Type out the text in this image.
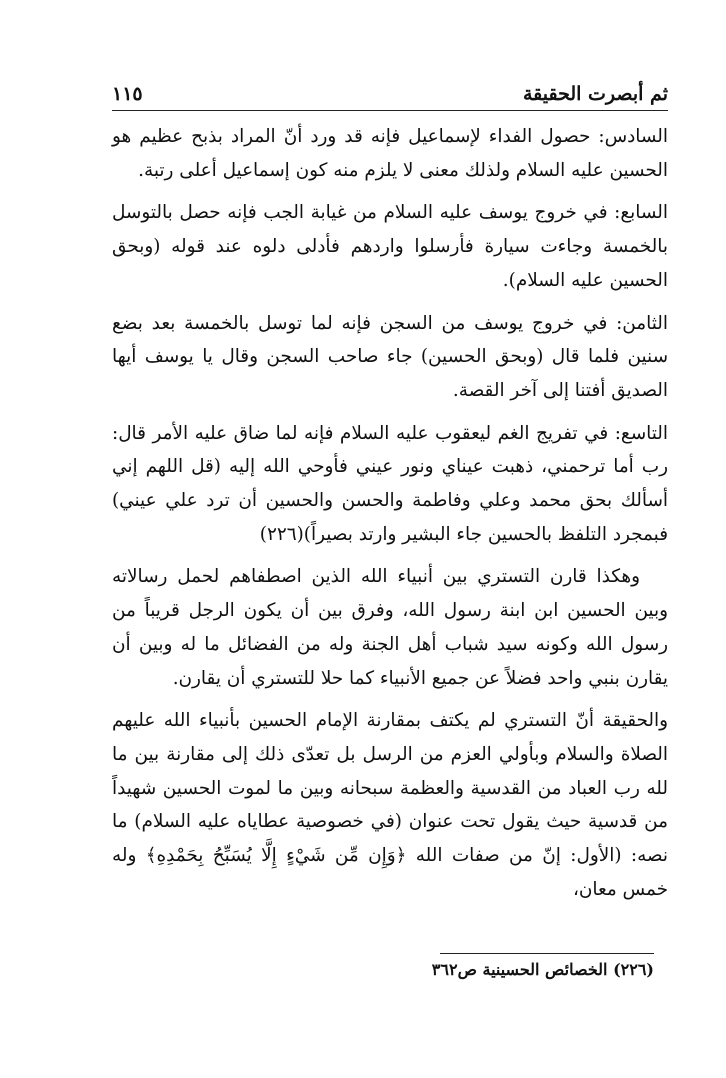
١١٥	ثم أبصرت الحقيقة

السادس: حصول الفداء لإسماعيل فإنه قد ورد أنّ المراد بذبح عظيم هو الحسين عليه السلام ولذلك معنى لا يلزم منه كون إسماعيل أعلى رتبة.

السابع: في خروج يوسف عليه السلام من غيابة الجب فإنه حصل بالتوسل بالخمسة وجاءت سيارة فأرسلوا واردهم فأدلى دلوه عند قوله (وبحق الحسين عليه السلام).

الثامن: في خروج يوسف من السجن فإنه لما توسل بالخمسة بعد بضع سنين فلما قال (وبحق الحسين) جاء صاحب السجن وقال يا يوسف أيها الصديق أفتنا إلى آخر القصة.

التاسع: في تفريج الغم ليعقوب عليه السلام فإنه لما ضاق عليه الأمر قال: رب أما ترحمني، ذهبت عيناي ونور عيني فأوحي الله إليه (قل اللهم إني أسألك بحق محمد وعلي وفاطمة والحسن والحسين أن ترد علي عيني) فبمجرد التلفظ بالحسين جاء البشير وارتد بصيراً)(٢٢٦)

وهكذا قارن التستري بين أنبياء الله الذين اصطفاهم لحمل رسالاته وبين الحسين ابن ابنة رسول الله، وفرق بين أن يكون الرجل قريباً من رسول الله وكونه سيد شباب أهل الجنة وله من الفضائل ما له وبين أن يقارن بنبي واحد فضلاً عن جميع الأنبياء كما حلا للتستري أن يقارن.

والحقيقة أنّ التستري لم يكتف بمقارنة الإمام الحسين بأنبياء الله عليهم الصلاة والسلام وبأولي العزم من الرسل بل تعدّى ذلك إلى مقارنة بين ما لله رب العباد من القدسية والعظمة سبحانه وبين ما لموت الحسين شهيداً من قدسية حيث يقول تحت عنوان (في خصوصية عطاياه عليه السلام) ما نصه: (الأول: إنّ من صفات الله ﴿وَإِن مِّن شَيْءٍ إِلَّا يُسَبِّحُ بِحَمْدِهِ﴾ وله خمس معان،

(٢٢٦) الخصائص الحسينية ص٣٦٢
